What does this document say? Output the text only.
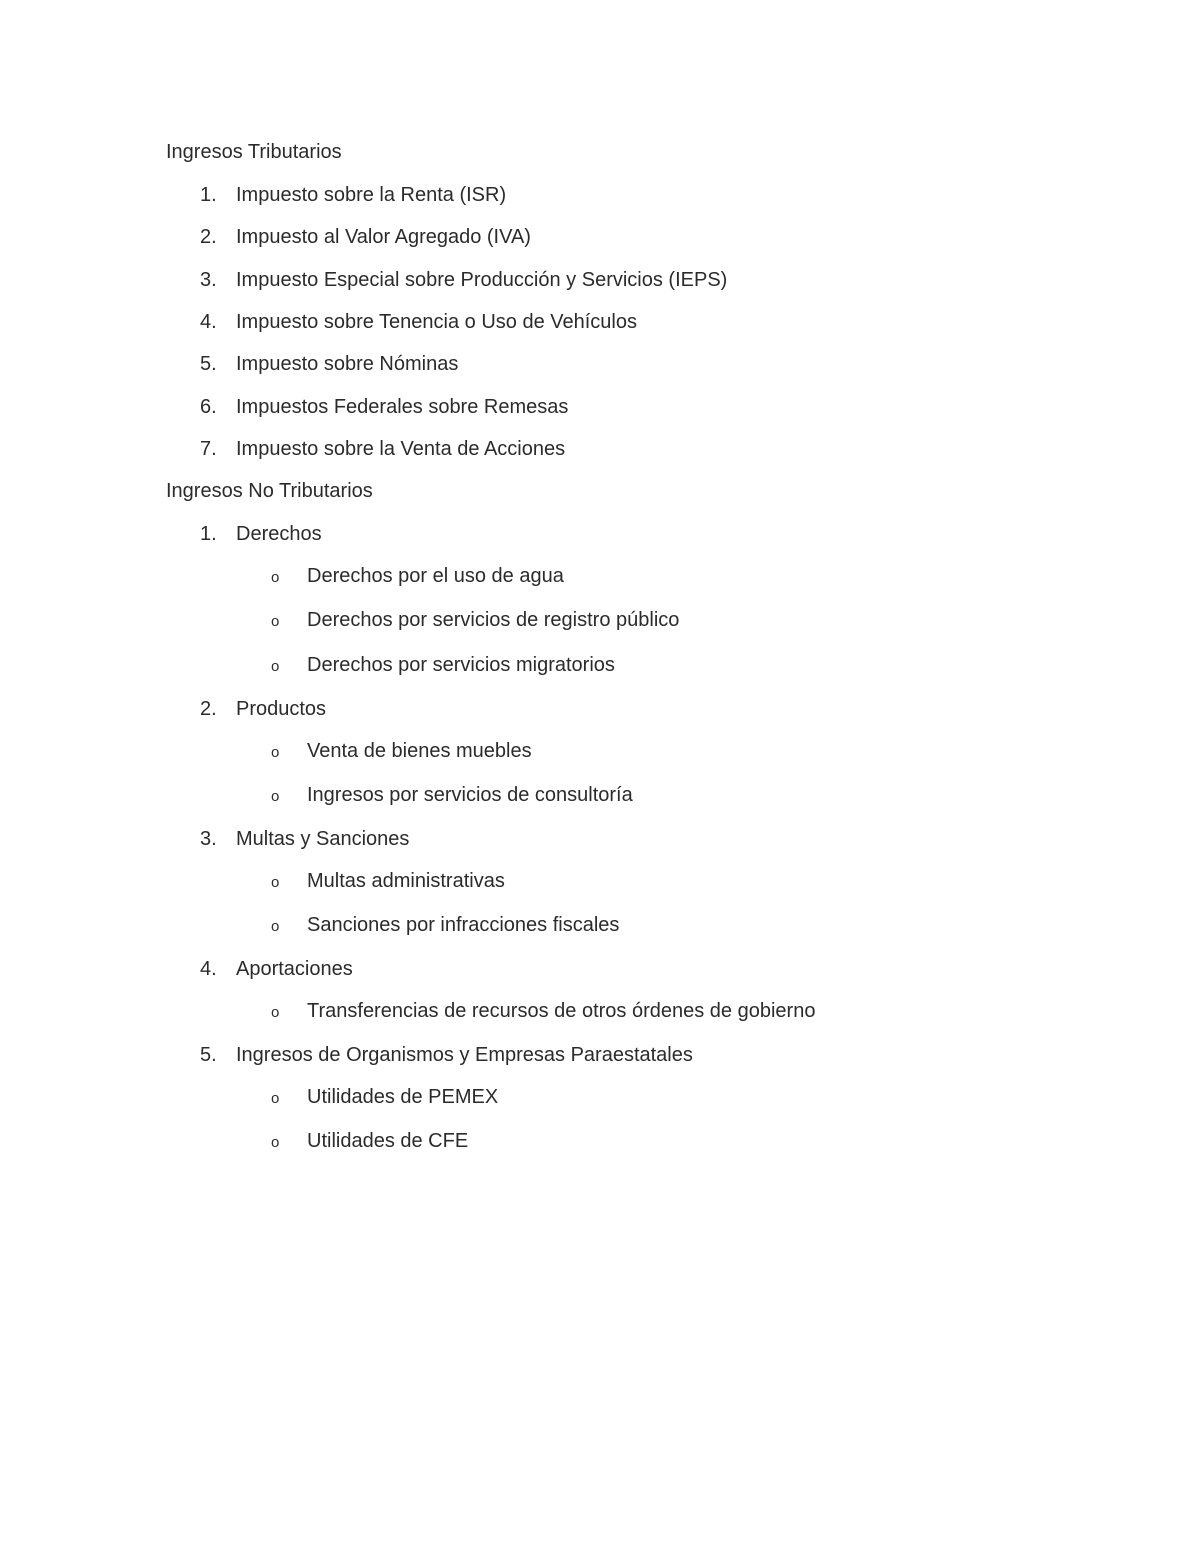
Ingresos Tributarios
1. Impuesto sobre la Renta (ISR)
2. Impuesto al Valor Agregado (IVA)
3. Impuesto Especial sobre Producción y Servicios (IEPS)
4. Impuesto sobre Tenencia o Uso de Vehículos
5. Impuesto sobre Nóminas
6. Impuestos Federales sobre Remesas
7. Impuesto sobre la Venta de Acciones
Ingresos No Tributarios
1. Derechos
o Derechos por el uso de agua
o Derechos por servicios de registro público
o Derechos por servicios migratorios
2. Productos
o Venta de bienes muebles
o Ingresos por servicios de consultoría
3. Multas y Sanciones
o Multas administrativas
o Sanciones por infracciones fiscales
4. Aportaciones
o Transferencias de recursos de otros órdenes de gobierno
5. Ingresos de Organismos y Empresas Paraestatales
o Utilidades de PEMEX
o Utilidades de CFE
